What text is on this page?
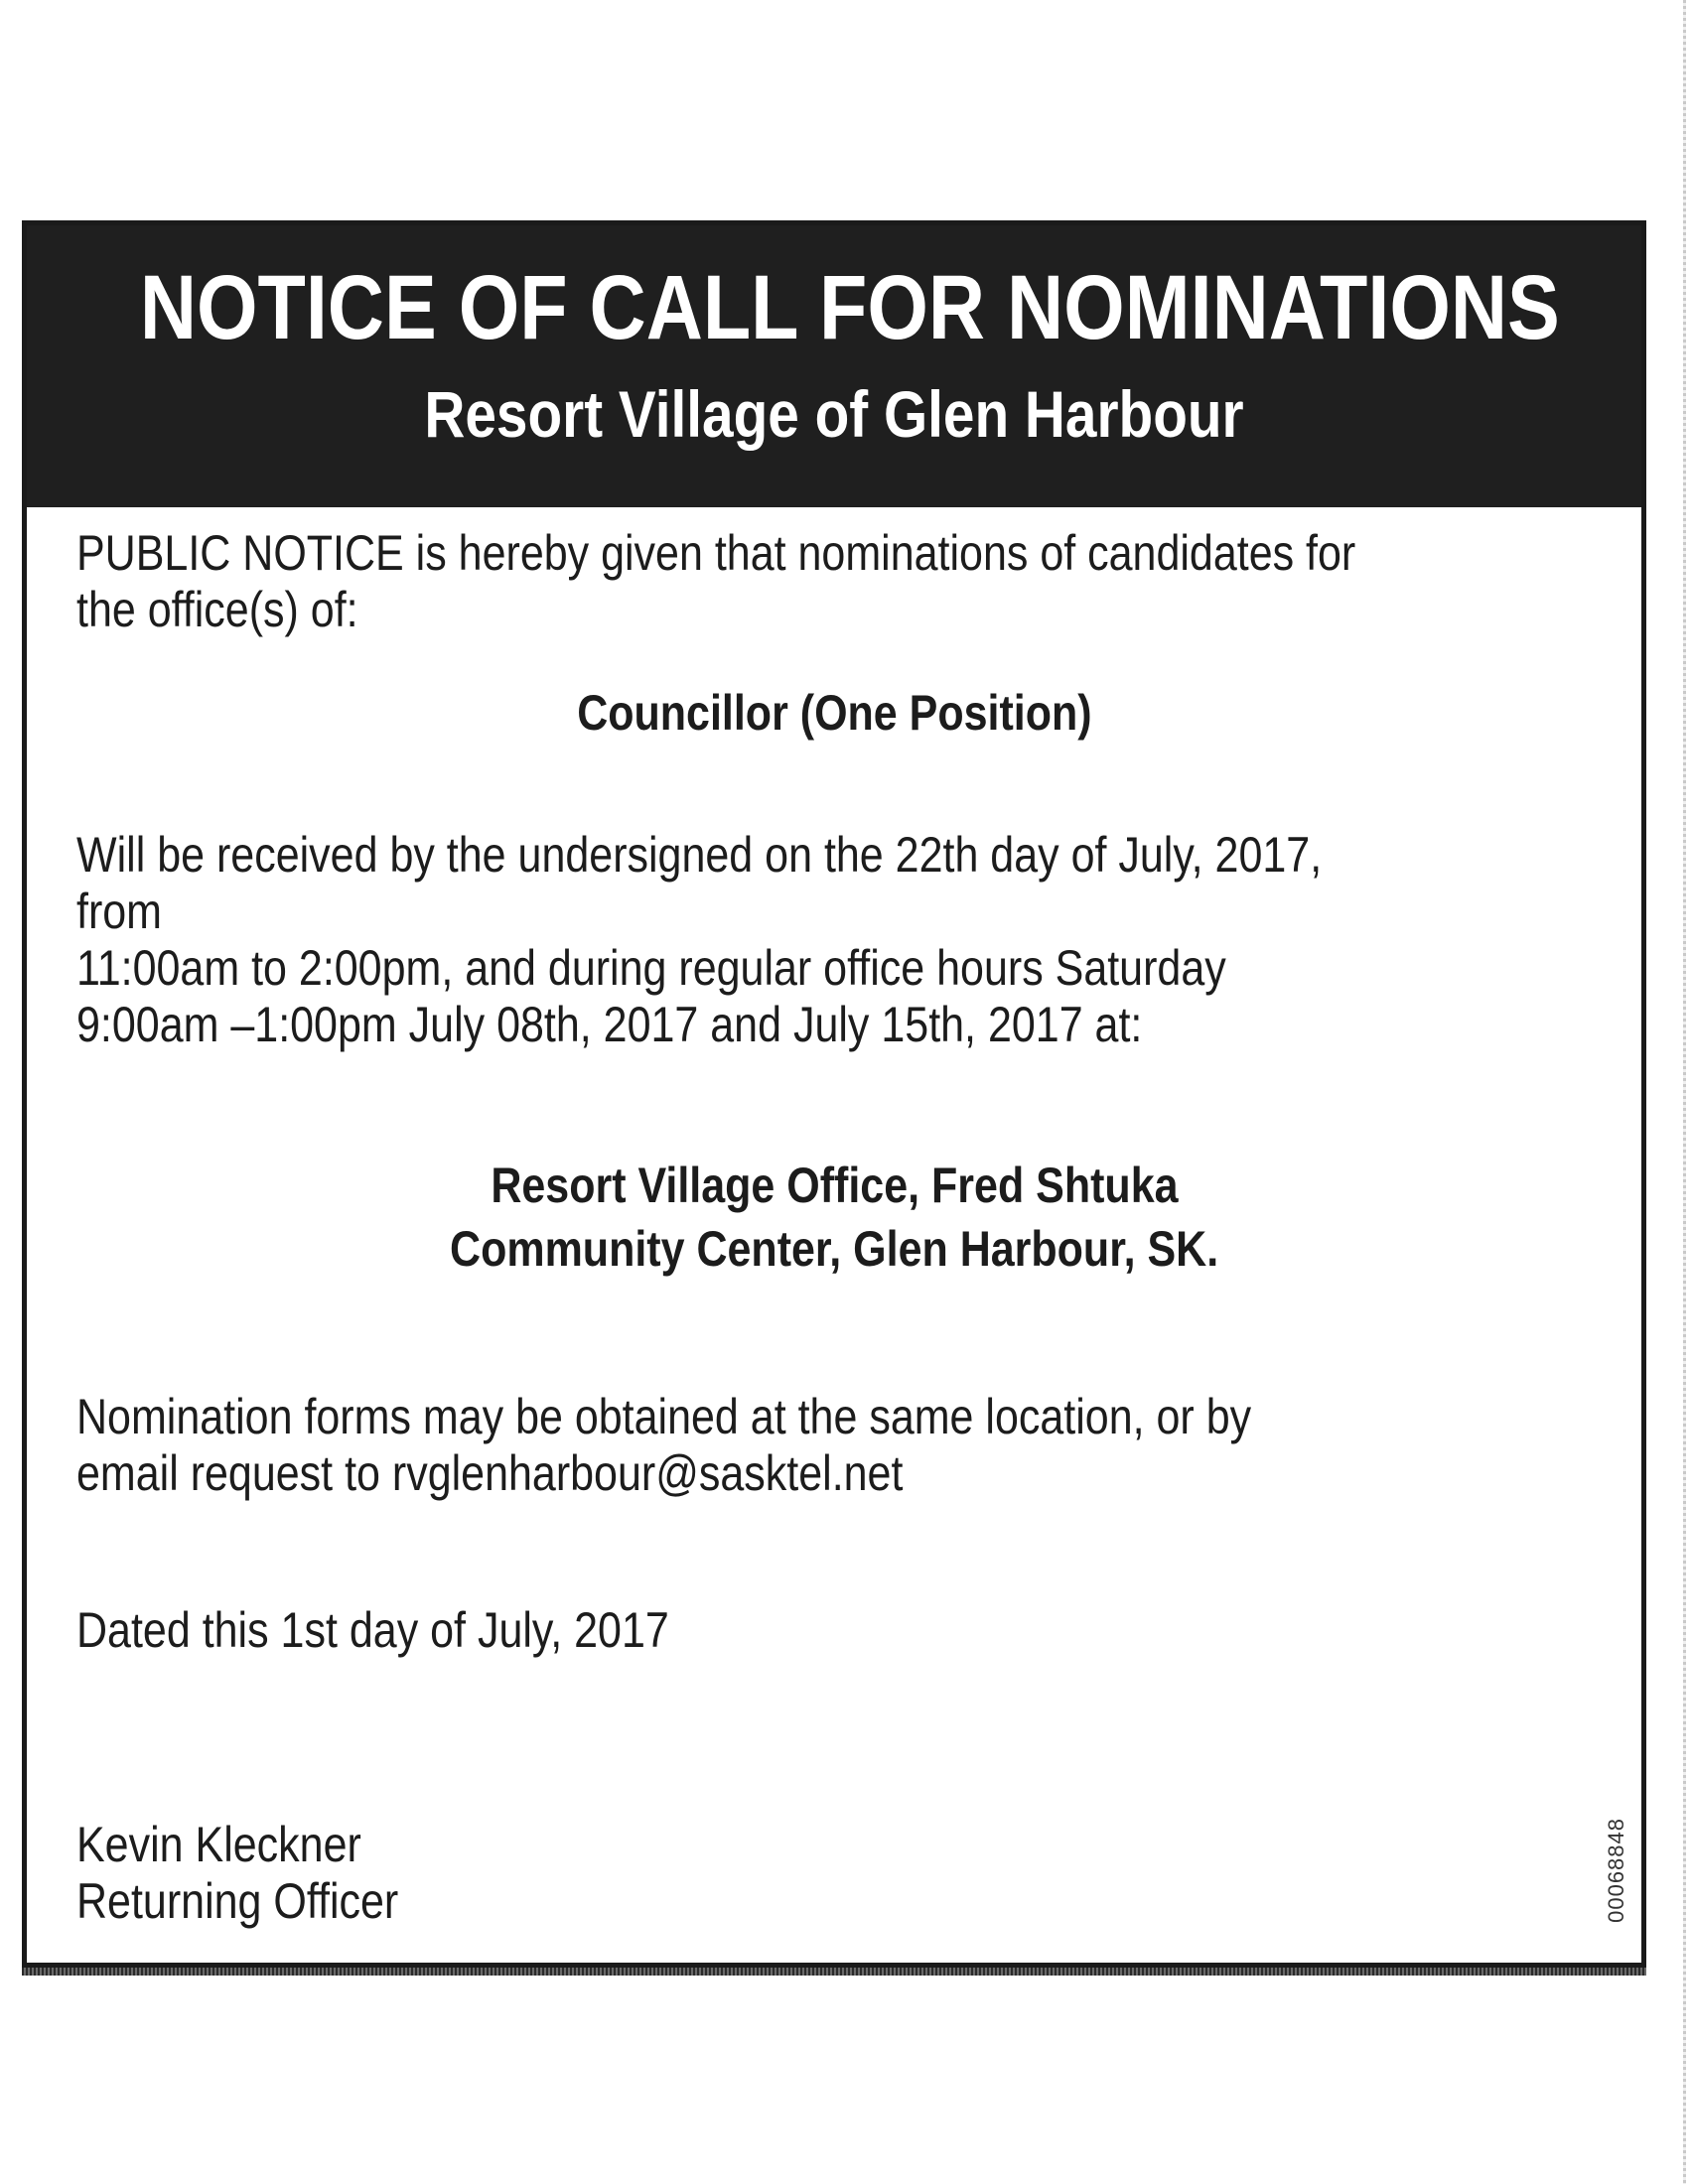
NOTICE OF CALL FOR NOMINATIONS
Resort Village of Glen Harbour
PUBLIC NOTICE is hereby given that nominations of candidates for
the office(s) of:
Councillor (One Position)
Will be received by the undersigned on the 22th day of July, 2017,
from
11:00am to 2:00pm, and during regular office hours Saturday
9:00am –1:00pm July 08th, 2017 and July 15th, 2017 at:
Resort Village Office, Fred Shtuka
Community Center, Glen Harbour, SK.
Nomination forms may be obtained at the same location, or by
email request to rvglenharbour@sasktel.net
Dated this 1st day of July, 2017
Kevin Kleckner
Returning Officer	00068848
